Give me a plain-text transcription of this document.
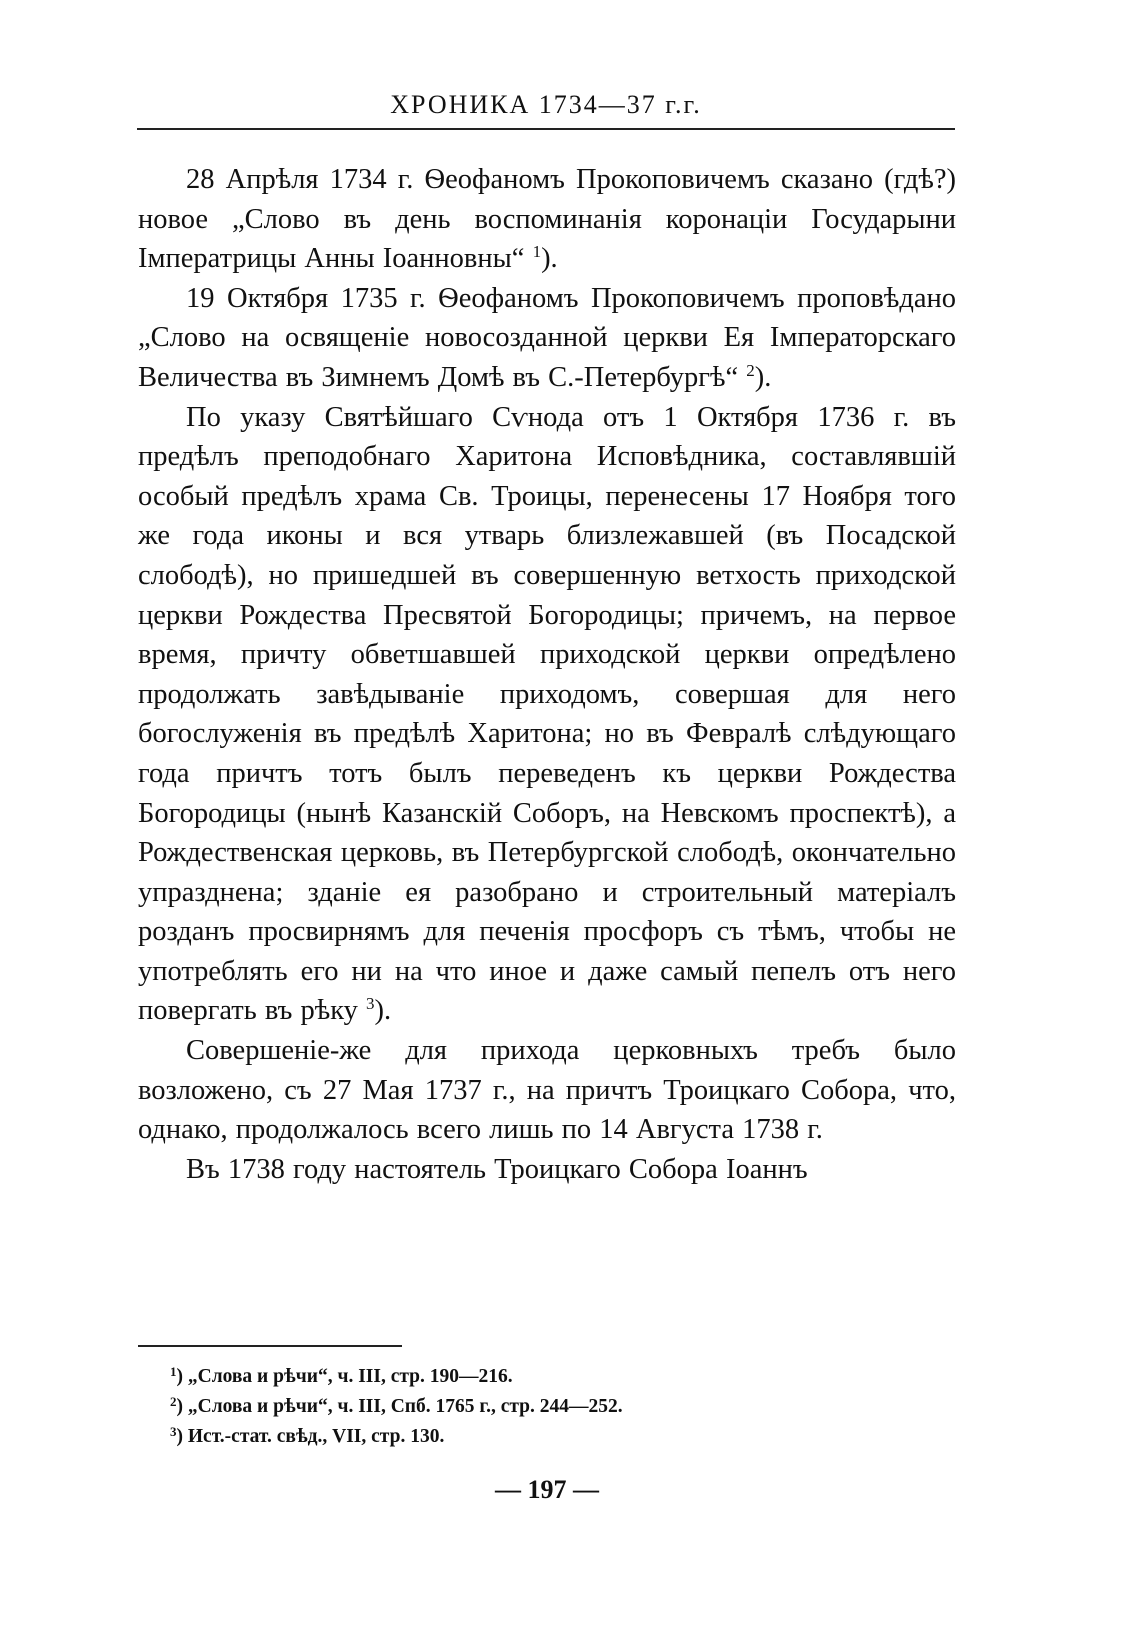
ХРОНИКА 1734—37 г.г.

28 Апрѣля 1734 г. Ѳеофаномъ Прокоповичемъ сказано (гдѣ?) новое „Слово въ день воспоминанія коронаціи Государыни Імператрицы Анны Іоанновны“ $^1$).

19 Октября 1735 г. Ѳеофаномъ Прокоповичемъ проповѣдано „Слово на освященіе новосозданной церкви Ея Імператорскаго Величества въ Зимнемъ Домѣ въ С.-Петербургѣ“ $^2$).

По указу Святѣйшаго Сѵнода отъ 1 Октября 1736 г. въ предѣлъ преподобнаго Харитона Исповѣдника, составлявшій особый предѣлъ храма Св. Троицы, перенесены 17 Ноября того же года иконы и вся утварь близлежавшей (въ Посадской слободѣ), но пришедшей въ совершенную ветхость приходской церкви Рождества Пресвятой Богородицы; причемъ, на первое время, причту обветшавшей приходской церкви опредѣлено продолжать завѣдываніе приходомъ, совершая для него богослуженія въ предѣлѣ Харитона; но въ Февралѣ слѣдующаго года причтъ тотъ былъ переведенъ къ церкви Рождества Богородицы (нынѣ Казанскій Соборъ, на Невскомъ проспектѣ), а Рождественская церковь, въ Петербургской слободѣ, окончательно упразднена; зданіе ея разобрано и строительный матеріалъ розданъ просвирнямъ для печенія просфоръ съ тѣмъ, чтобы не употреблять его ни на что иное и даже самый пепелъ отъ него повергать въ рѣку $^3$).

Совершеніе-же для прихода церковныхъ требъ было возложено, съ 27 Мая 1737 г., на причтъ Троицкаго Собора, что, однако, продолжалось всего лишь по 14 Августа 1738 г.

Въ 1738 году настоятель Троицкаго Собора Іоаннъ

$^1$) „Слова и рѣчи“, ч. III, стр. 190—216.
$^2$) „Слова и рѣчи“, ч. III, Спб. 1765 г., стр. 244—252.
$^3$) Ист.-стат. свѣд., VII, стр. 130.
— 197 —
